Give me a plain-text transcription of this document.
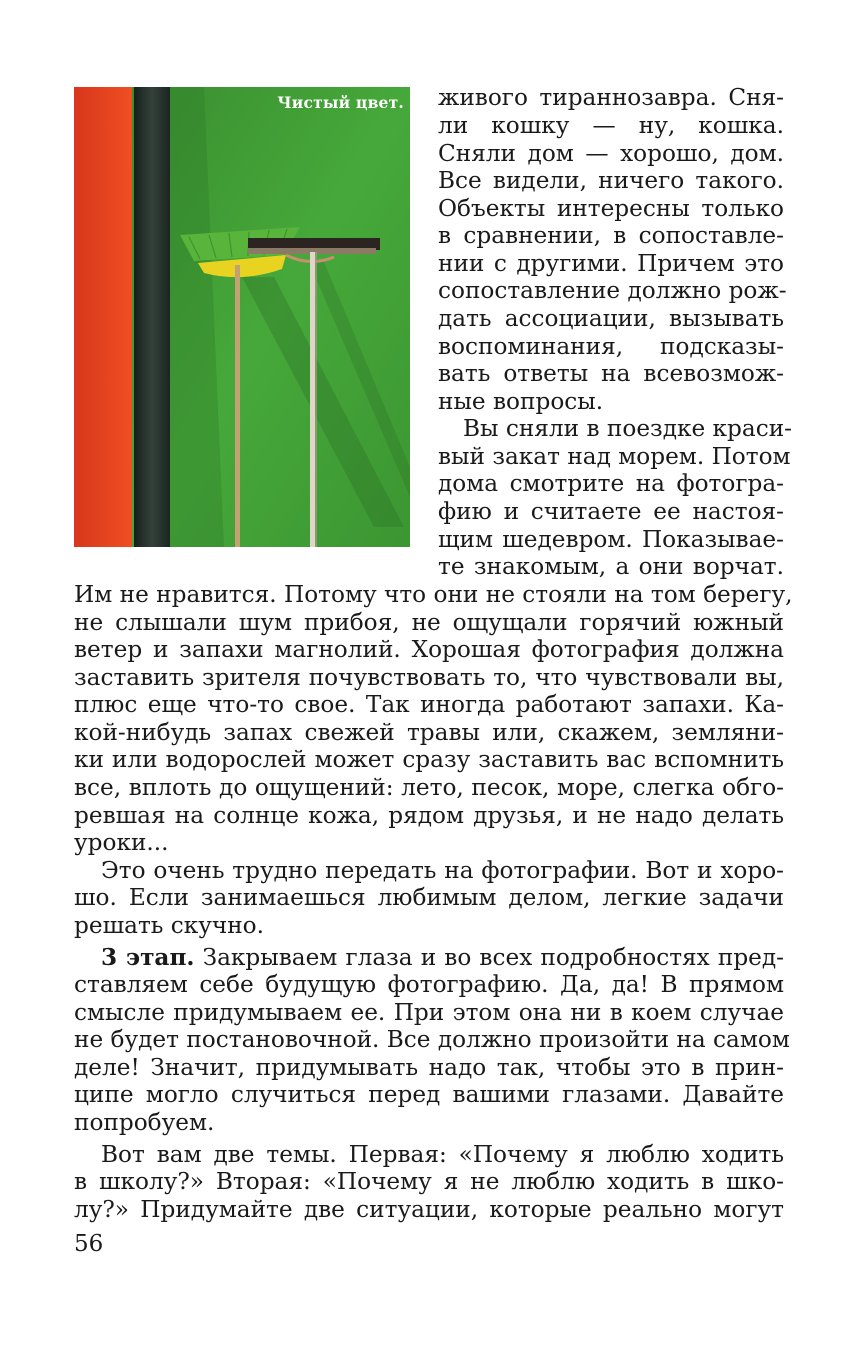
Чистый цвет. живого тираннозавра. Сня-
ли кошку — ну, кошка.
Сняли дом — хорошо, дом.
Все видели, ничего такого.
Объекты интересны только
в сравнении, в сопоставле-
нии с другими. Причем это
сопоставление должно рож-
дать ассоциации, вызывать
воспоминания, подсказы-
вать ответы на всевозмож-
ные вопросы.
Вы сняли в поездке краси-
вый закат над морем. Потом
дома смотрите на фотогра-
фию и считаете ее настоя-
щим шедевром. Показывае-
те знакомым, а они ворчат.
Им не нравится. Потому что они не стояли на том берегу,
не слышали шум прибоя, не ощущали горячий южный
ветер и запахи магнолий. Хорошая фотография должна
заставить зрителя почувствовать то, что чувствовали вы,
плюс еще что-то свое. Так иногда работают запахи. Ка-
кой-нибудь запах свежей травы или, скажем, земляни-
ки или водорослей может сразу заставить вас вспомнить
все, вплоть до ощущений: лето, песок, море, слегка обго-
ревшая на солнце кожа, рядом друзья, и не надо делать
уроки...
Это очень трудно передать на фотографии. Вот и хоро-
шо. Если занимаешься любимым делом, легкие задачи
решать скучно.
3 этап. Закрываем глаза и во всех подробностях пред-
ставляем себе будущую фотографию. Да, да! В прямом
смысле придумываем ее. При этом она ни в коем случае
не будет постановочной. Все должно произойти на самом
деле! Значит, придумывать надо так, чтобы это в прин-
ципе могло случиться перед вашими глазами. Давайте
попробуем.
Вот вам две темы. Первая: «Почему я люблю ходить
в школу?» Вторая: «Почему я не люблю ходить в шко-
лу?» Придумайте две ситуации, которые реально могут
56
